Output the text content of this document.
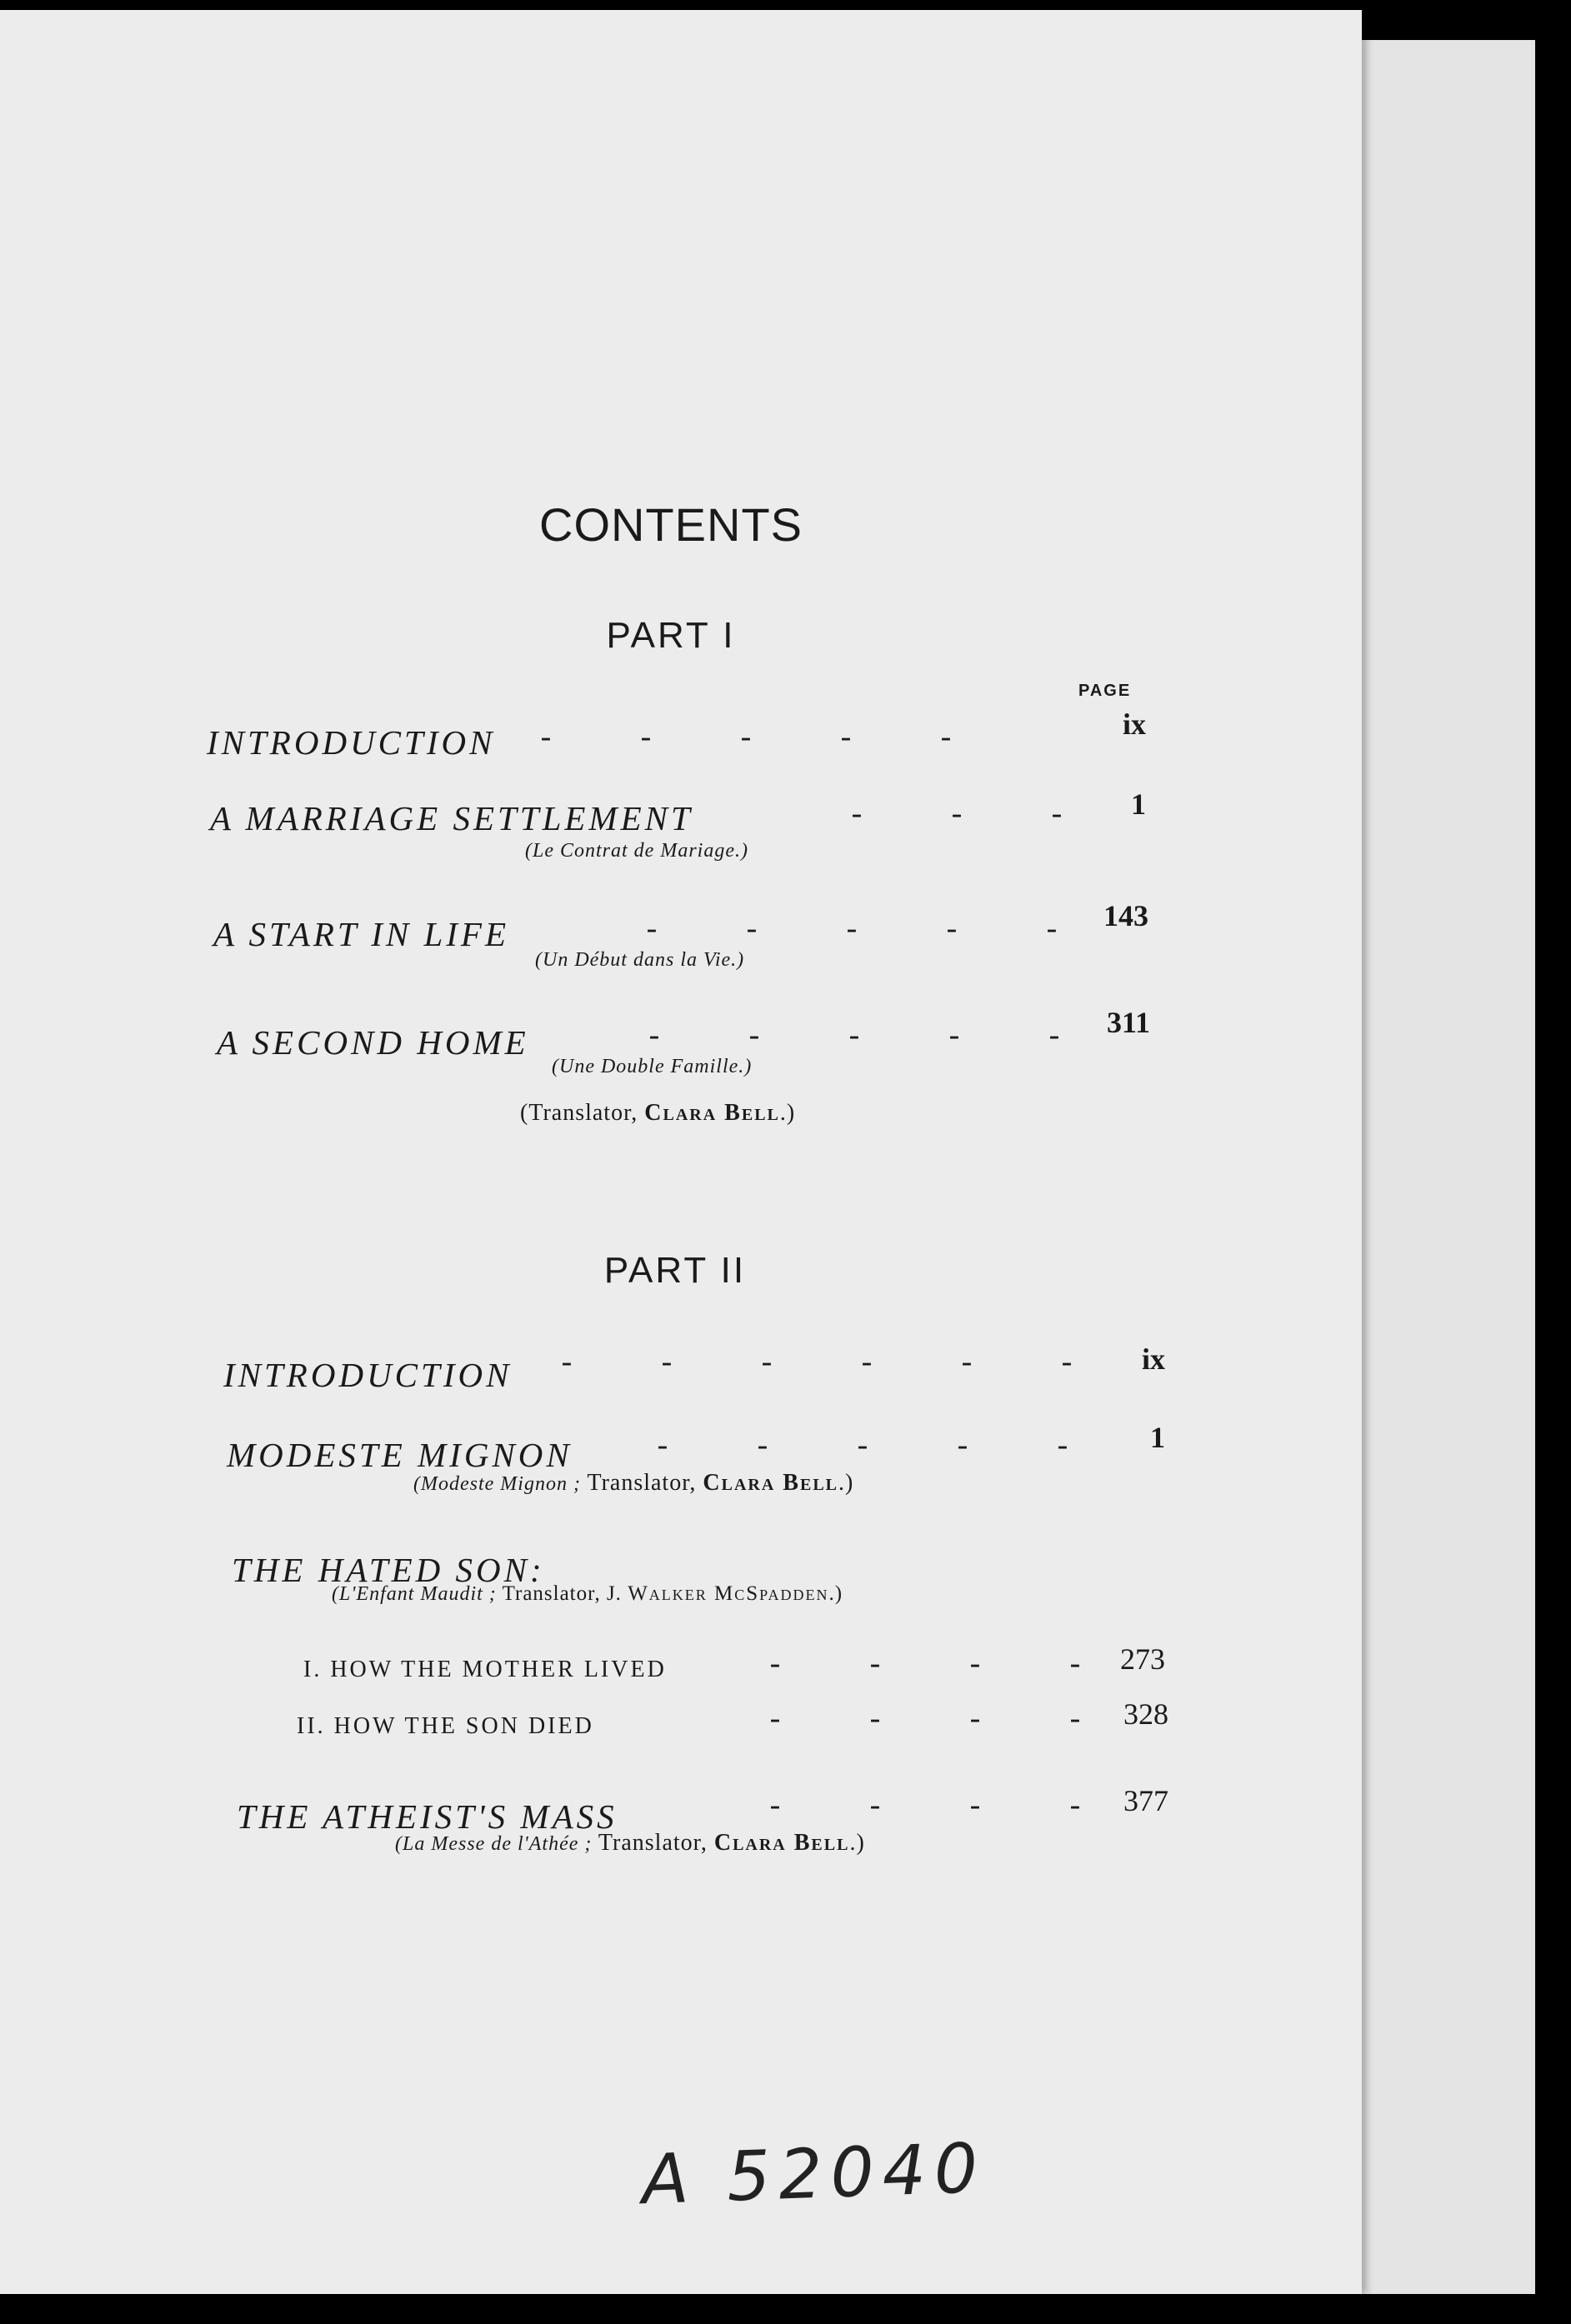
CONTENTS
PART I
PAGE
INTRODUCTION	-	-	-	-	-	ix
A MARRIAGE SETTLEMENT	-	-	-	1
(Le Contrat de Mariage.)
A START IN LIFE	-	-	-	-	-	143
(Un Début dans la Vie.)
A SECOND HOME	-	-	-	-	-	311
(Une Double Famille.)
(Translator, Clara Bell.)
PART II
INTRODUCTION	-	-	-	-	-	-	ix
MODESTE MIGNON	-	-	-	-	-	1
(Modeste Mignon ; Translator, Clara Bell.)
THE HATED SON:
(L'Enfant Maudit ; Translator, J. Walker McSpadden.)
I. HOW THE MOTHER LIVED	-	-	-	-	273
II. HOW THE SON DIED	-	-	-	-	328
THE ATHEIST'S MASS	-	-	-	-	377
(La Messe de l'Athée ; Translator, Clara Bell.)
A 52040
